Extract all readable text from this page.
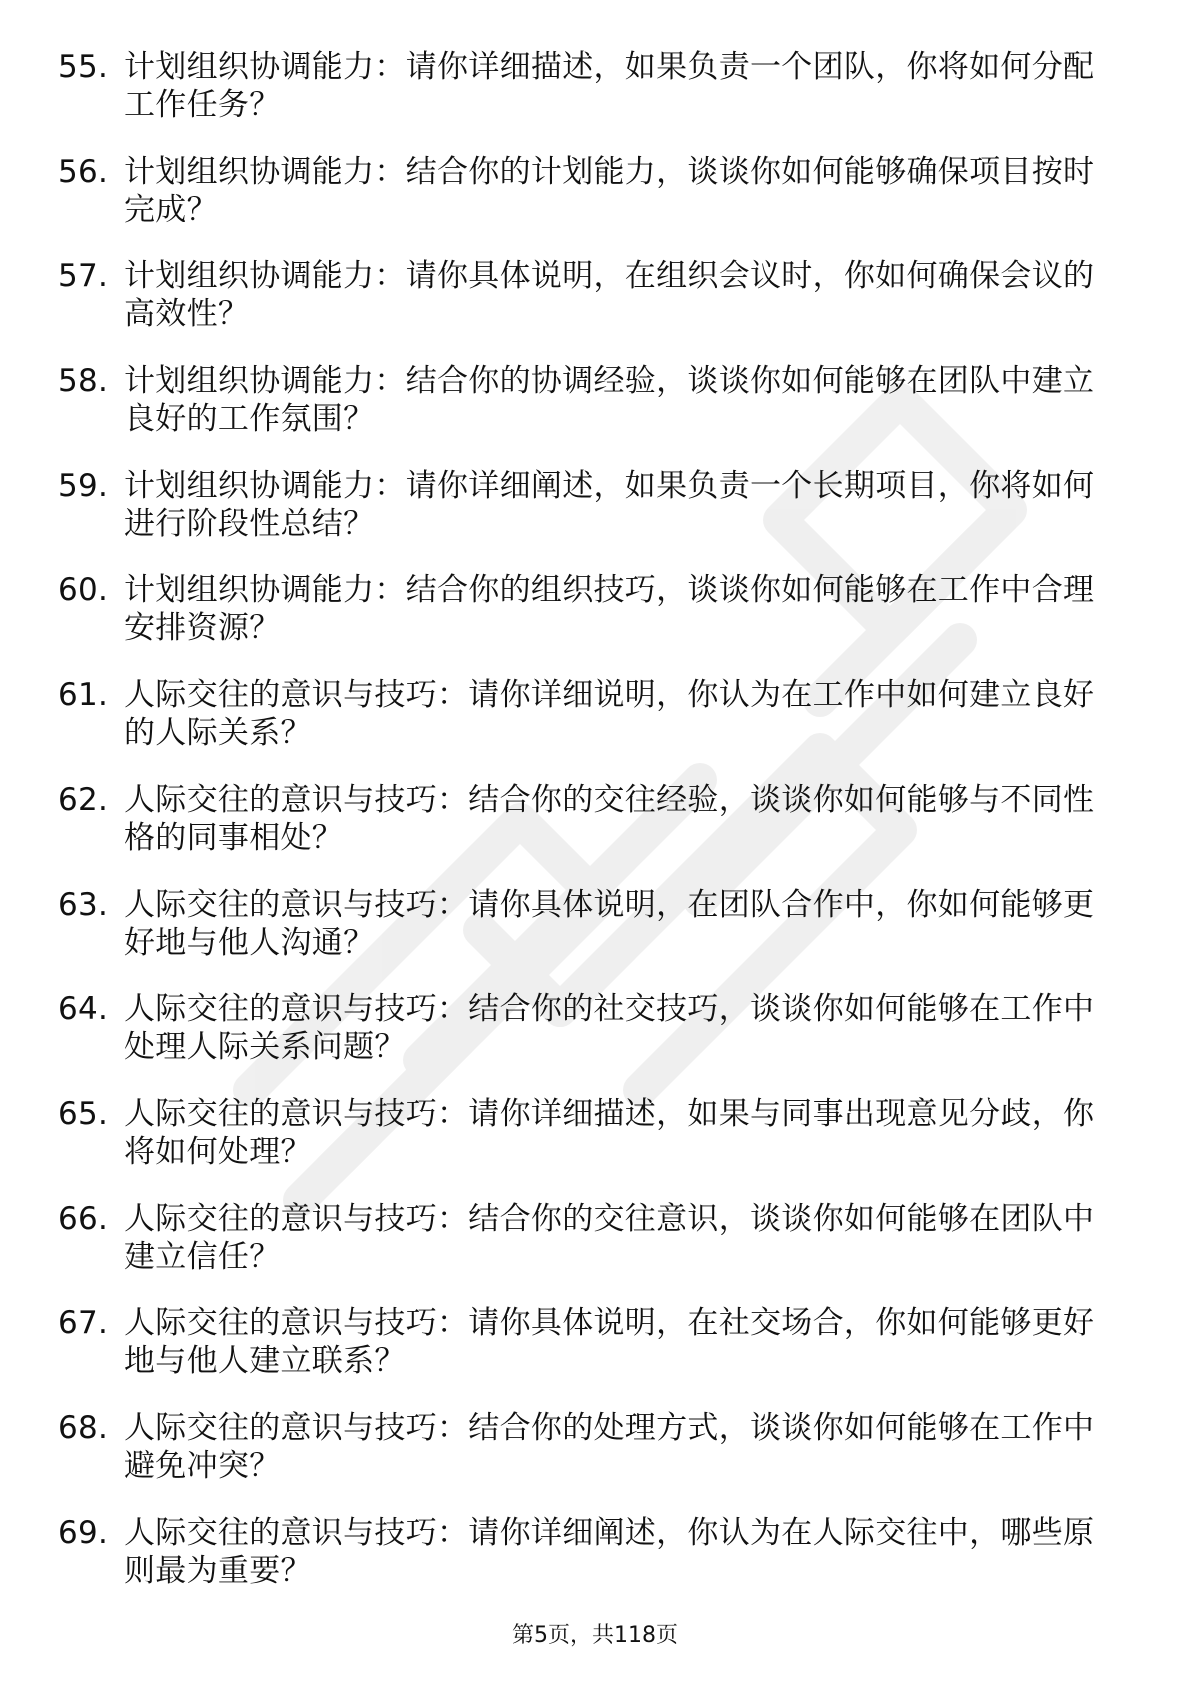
55. 计划组织协调能力：请你详细描述，如果负责一个团队，你将如何分配工作任务？
56. 计划组织协调能力：结合你的计划能力，谈谈你如何能够确保项目按时完成？
57. 计划组织协调能力：请你具体说明，在组织会议时，你如何确保会议的高效性？
58. 计划组织协调能力：结合你的协调经验，谈谈你如何能够在团队中建立良好的工作氛围？
59. 计划组织协调能力：请你详细阐述，如果负责一个长期项目，你将如何进行阶段性总结？
60. 计划组织协调能力：结合你的组织技巧，谈谈你如何能够在工作中合理安排资源？
61. 人际交往的意识与技巧：请你详细说明，你认为在工作中如何建立良好的人际关系？
62. 人际交往的意识与技巧：结合你的交往经验，谈谈你如何能够与不同性格的同事相处？
63. 人际交往的意识与技巧：请你具体说明，在团队合作中，你如何能够更好地与他人沟通？
64. 人际交往的意识与技巧：结合你的社交技巧，谈谈你如何能够在工作中处理人际关系问题？
65. 人际交往的意识与技巧：请你详细描述，如果与同事出现意见分歧，你将如何处理？
66. 人际交往的意识与技巧：结合你的交往意识，谈谈你如何能够在团队中建立信任？
67. 人际交往的意识与技巧：请你具体说明，在社交场合，你如何能够更好地与他人建立联系？
68. 人际交往的意识与技巧：结合你的处理方式，谈谈你如何能够在工作中避免冲突？
69. 人际交往的意识与技巧：请你详细阐述，你认为在人际交往中，哪些原则最为重要？
第5页，共118页
